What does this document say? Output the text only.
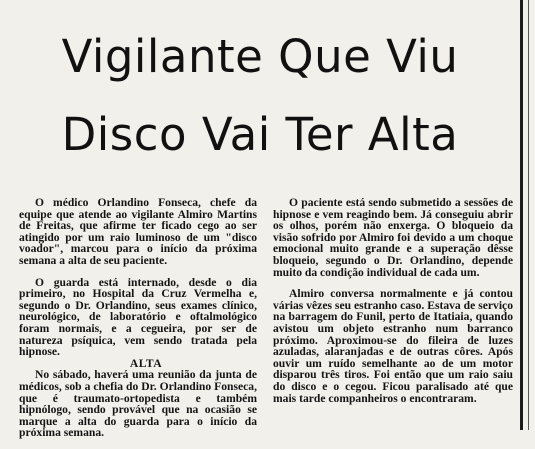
Vigilante Que Viu
Disco Vai Ter Alta

O médico Orlandino Fonseca, chefe da equipe que atende ao vigilante Almiro Martins de Freitas, que afirme ter ficado cego ao ser atingido por um raio luminoso de um "disco voador", marcou para o início da próxima semana a alta de seu paciente.

O guarda está internado, desde o dia primeiro, no Hospital da Cruz Vermelha e, segundo o Dr. Orlandino, seus exames clínico, neurológico, de laboratório e oftalmológico foram normais, e a cegueira, por ser de natureza psíquica, vem sendo tratada pela hipnose.

ALTA

No sábado, haverá uma reunião da junta de médicos, sob a chefia do Dr. Orlandino Fonseca, que é traumato-ortopedista e também hipnólogo, sendo provável que na ocasião se marque a alta do guarda para o início da próxima semana.

O paciente está sendo submetido a sessões de hipnose e vem reagindo bem. Já conseguiu abrir os olhos, porém não enxerga. O bloqueio da visão sofrido por Almiro foi devido a um choque emocional muito grande e a superação dêsse bloqueio, segundo o Dr. Orlandino, depende muito da condição individual de cada um.

Almiro conversa normalmente e já contou várias vêzes seu estranho caso. Estava de serviço na barragem do Funil, perto de Itatiaia, quando avistou um objeto estranho num barranco próximo. Aproximou-se do fileira de luzes azuladas, alaranjadas e de outras côres. Após ouvir um ruído semelhante ao de um motor disparou três tiros. Foi então que um raio saiu do disco e o cegou. Ficou paralisado até que mais tarde companheiros o encontraram.
